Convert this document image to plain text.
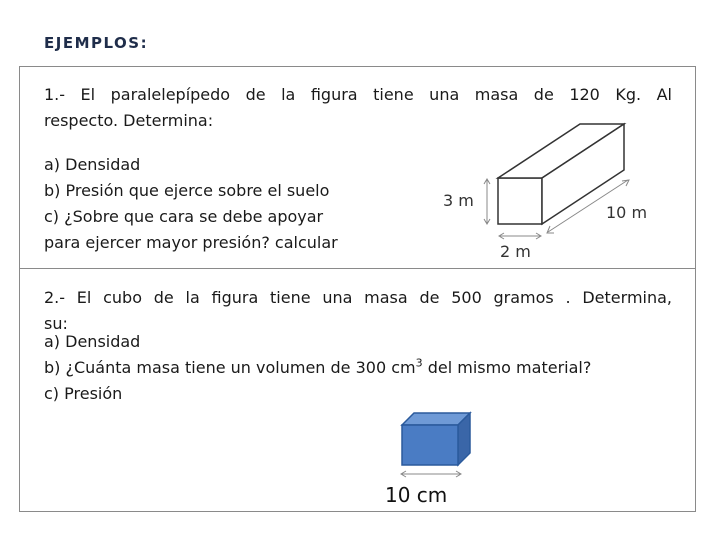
EJEMPLOS:
1.- El paralelepípedo de la figura tiene una masa de 120 Kg. Al
respecto. Determina:
a) Densidad
b) Presión que ejerce sobre el suelo
c) ¿Sobre que cara se debe apoyar
para ejercer mayor presión? calcular
3 m
10 m
2 m
10 cm
2.- El cubo de la figura tiene una masa de 500 gramos . Determina,
su:
a) Densidad
b) ¿Cuánta masa tiene un volumen de 300 $cm^3$ del mismo material?
c) Presión
